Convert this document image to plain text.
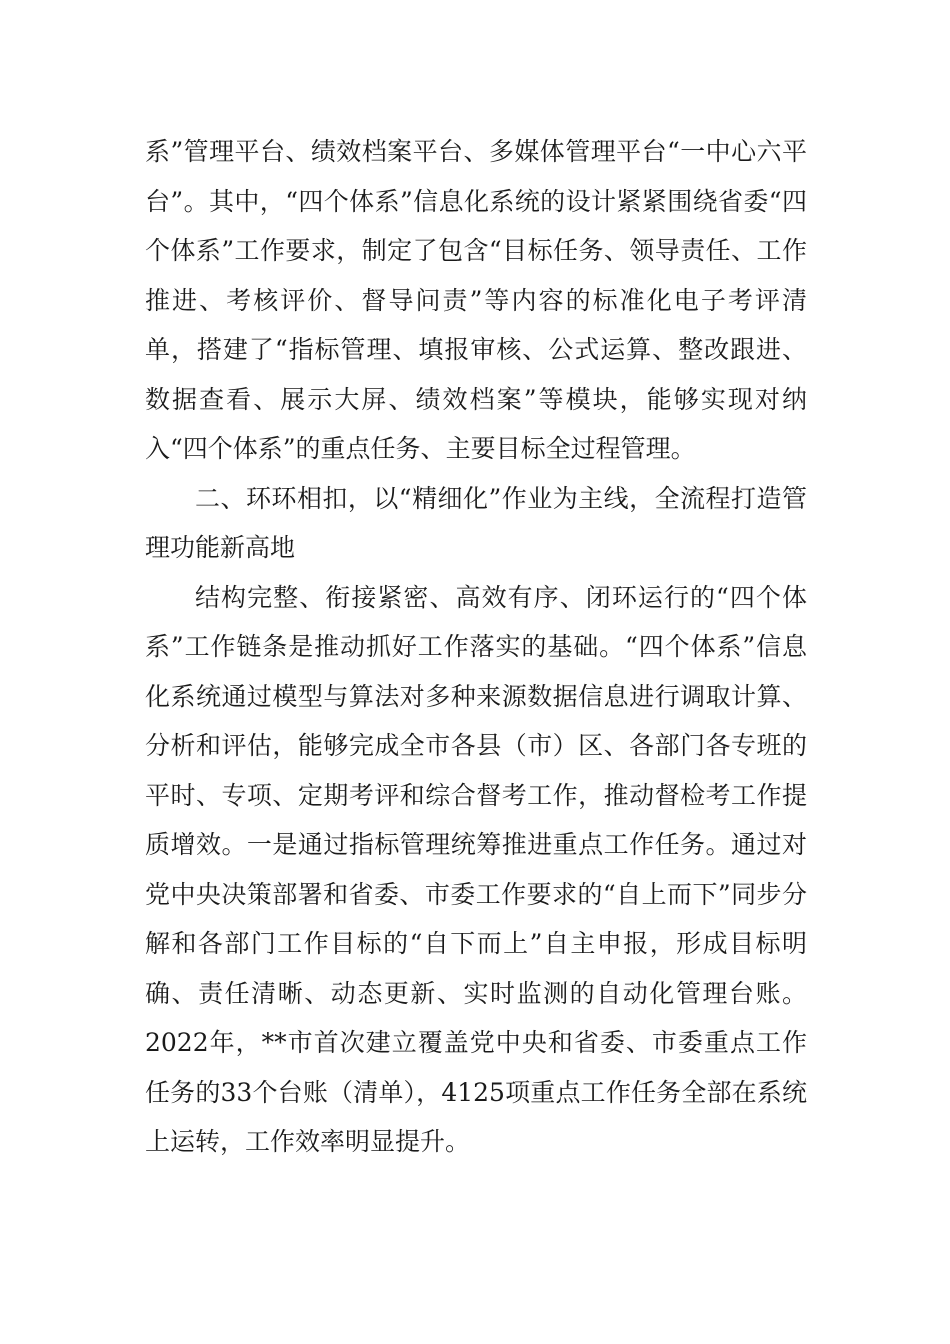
系”管理平台、绩效档案平台、多媒体管理平台“一中心六平台”。其中，“四个体系”信息化系统的设计紧紧围绕省委“四个体系”工作要求，制定了包含“目标任务、领导责任、工作推进、考核评价、督导问责”等内容的标准化电子考评清单，搭建了“指标管理、填报审核、公式运算、整改跟进、数据查看、展示大屏、绩效档案”等模块，能够实现对纳入“四个体系”的重点任务、主要目标全过程管理。

二、环环相扣，以“精细化”作业为主线，全流程打造管理功能新高地

结构完整、衔接紧密、高效有序、闭环运行的“四个体系”工作链条是推动抓好工作落实的基础。“四个体系”信息化系统通过模型与算法对多种来源数据信息进行调取计算、分析和评估，能够完成全市各县（市）区、各部门各专班的平时、专项、定期考评和综合督考工作，推动督检考工作提质增效。一是通过指标管理统筹推进重点工作任务。通过对党中央决策部署和省委、市委工作要求的“自上而下”同步分解和各部门工作目标的“自下而上”自主申报，形成目标明确、责任清晰、动态更新、实时监测的自动化管理台账。2022年，**市首次建立覆盖党中央和省委、市委重点工作任务的33个台账（清单），4125项重点工作任务全部在系统上运转，工作效率明显提升。
